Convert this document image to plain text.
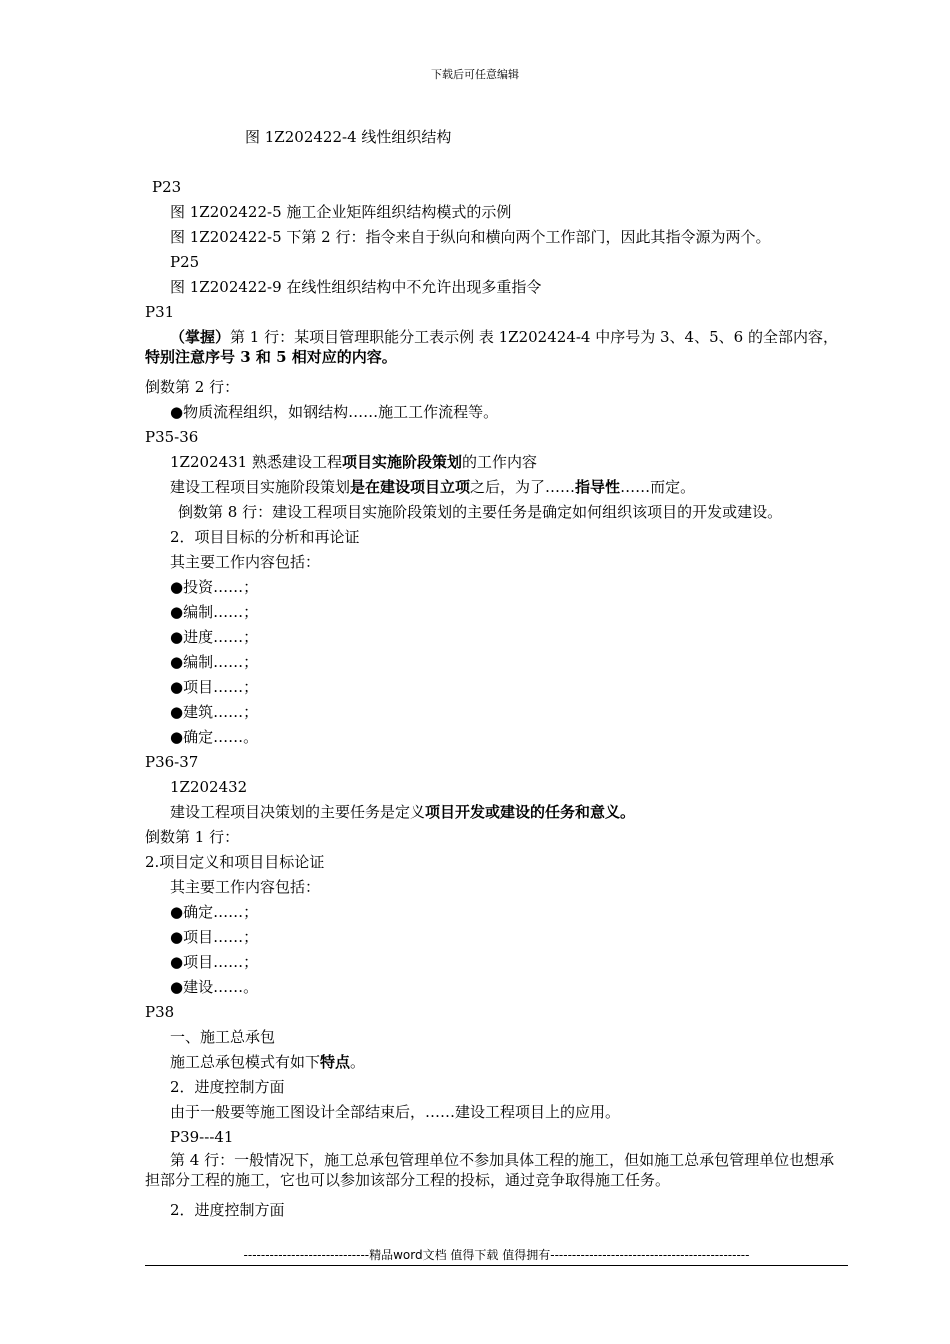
下载后可任意编辑
图 1Z202422-4 线性组织结构
P23
图 1Z202422-5 施工企业矩阵组织结构模式的示例
图 1Z202422-5 下第 2 行：指令来自于纵向和横向两个工作部门，因此其指令源为两个。
P25
图 1Z202422-9 在线性组织结构中不允许出现多重指令
P31
（掌握）第 1 行：某项目管理职能分工表示例 表 1Z202424-4 中序号为 3、4、5、6 的全部内容，特别注意序号 3 和 5 相对应的内容。
倒数第 2 行：
●物质流程组织，如钢结构……施工工作流程等。
P35-36
1Z202431 熟悉建设工程项目实施阶段策划的工作内容
建设工程项目实施阶段策划是在建设项目立项之后，为了……指导性……而定。
倒数第 8 行：建设工程项目实施阶段策划的主要任务是确定如何组织该项目的开发或建设。
2．项目目标的分析和再论证
其主要工作内容包括：
●投资……；
●编制……；
●进度……；
●编制……；
●项目……；
●建筑……；
●确定……。
P36-37
1Z202432
建设工程项目决策划的主要任务是定义项目开发或建设的任务和意义。
倒数第 1 行：
2.项目定义和项目目标论证
其主要工作内容包括：
●确定……；
●项目……；
●项目……；
●建设……。
P38
一、施工总承包
施工总承包模式有如下特点。
2．进度控制方面
由于一般要等施工图设计全部结束后，……建设工程项目上的应用。
P39---41
第 4 行：一般情况下，施工总承包管理单位不参加具体工程的施工，但如施工总承包管理单位也想承担部分工程的施工，它也可以参加该部分工程的投标，通过竞争取得施工任务。
2．进度控制方面
-----------------------------精品word文档 值得下载 值得拥有----------------------------------------------
